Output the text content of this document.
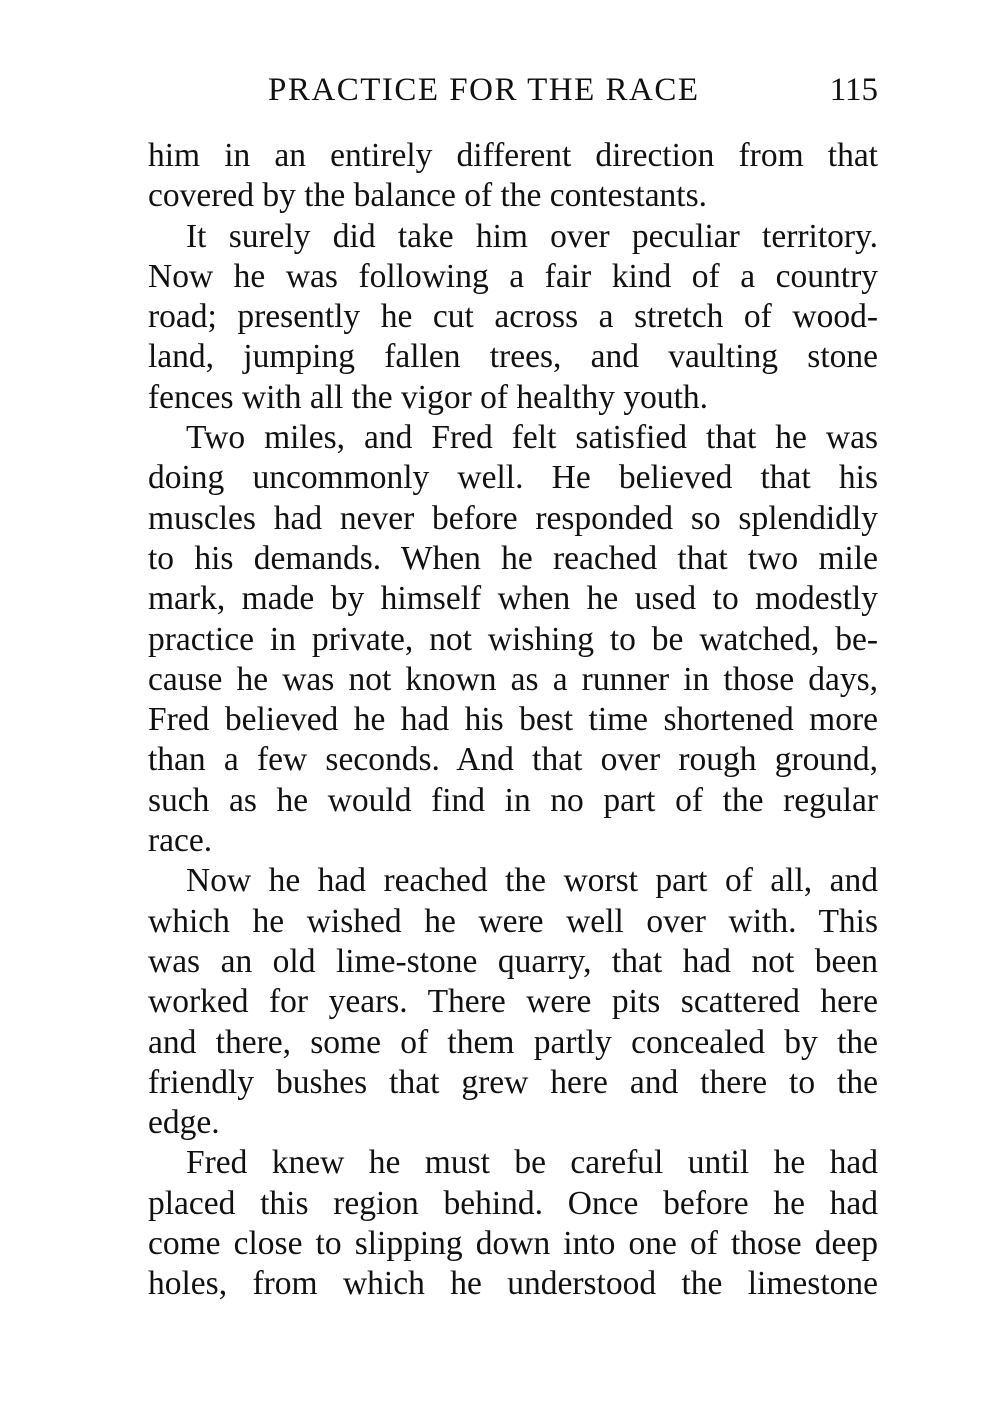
PRACTICE FOR THE RACE	115
him in an entirely different direction from that
covered by the balance of the contestants.
It surely did take him over peculiar territory.
Now he was following a fair kind of a country
road; presently he cut across a stretch of wood-
land, jumping fallen trees, and vaulting stone
fences with all the vigor of healthy youth.
Two miles, and Fred felt satisfied that he was
doing uncommonly well. He believed that his
muscles had never before responded so splendidly
to his demands. When he reached that two mile
mark, made by himself when he used to modestly
practice in private, not wishing to be watched, be-
cause he was not known as a runner in those days,
Fred believed he had his best time shortened more
than a few seconds. And that over rough ground,
such as he would find in no part of the regular
race.
Now he had reached the worst part of all, and
which he wished he were well over with. This
was an old lime-stone quarry, that had not been
worked for years. There were pits scattered here
and there, some of them partly concealed by the
friendly bushes that grew here and there to the
edge.
Fred knew he must be careful until he had
placed this region behind. Once before he had
come close to slipping down into one of those deep
holes, from which he understood the limestone
